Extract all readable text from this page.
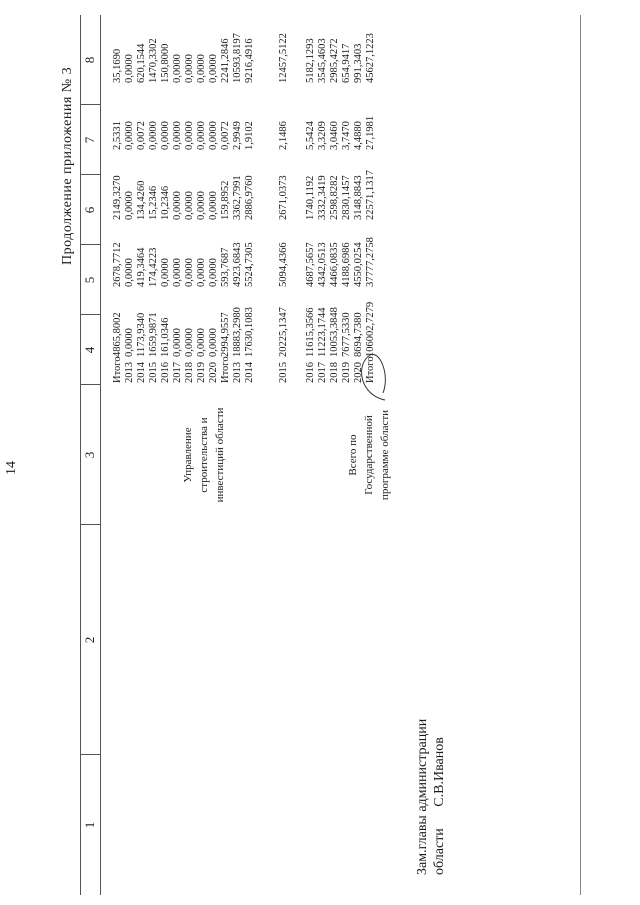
14
Продолжение приложения № 3
1
2
3
4
5
6
7
8
Управление строительства и инвестиций области	Всего по Государственной программе области
Итого
4865,8002
2678,7712
2149,3270
2,5331
35,1690
2013
0,0000
0,0000
0,0000
0,0000
0,0000
2014
1173,9340
419,3464
134,4260
0,0072
620,1544
2015
1659,9871
174,4223
15,2346
0,0000
1470,3302
2016
161,0346
0,0000
10,2346
0,0000
150,8000
2017
0,0000
0,0000
0,0000
0,0000
0,0000
2018
0,0000
0,0000
0,0000
0,0000
0,0000
2019
0,0000
0,0000
0,0000
0,0000
0,0000
2020
0,0000
0,0000
0,0000
0,0000
0,0000
Итого
2994,9557
593,7687
159,8952
0,0072
2241,2846
2013
18883,2980
4923,6843
3362,7991
2,9949
10593,8197
2014
17630,1083
5524,7305
2886,9760
1,9102
9216,4916
2015
20225,1347
5094,4366
2671,0373
2,1486
12457,5122
2016
11615,3566
4687,5657
1740,1192
5,5424
5182,1293
2017
11223,1744
4342,0513
3332,3419
3,3209
3545,4603
2018
10053,3848
4466,0835
2598,8282
3,0460
2985,4272
2019
7677,5330
4188,6986
2830,1457
3,7470
654,9417
2020
8694,7380
4550,0254
3148,8843
4,4880
991,3403
Итого
106002,7279
37777,2758
22571,1317
27,1981
45627,1223
Зам.главы администрации области С.В.Иванов
